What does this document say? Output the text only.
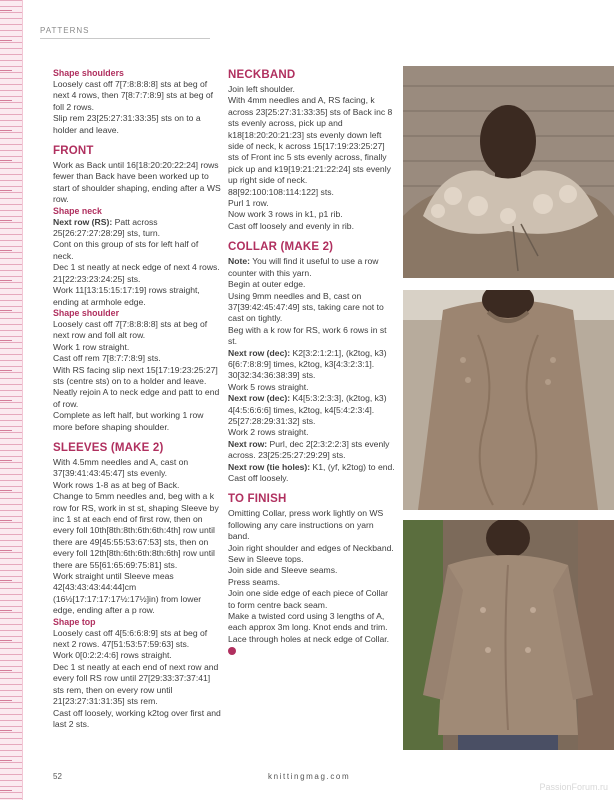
PATTERNS
Shape shoulders

Loosely cast off 7[7:8:8:8:8] sts at beg of next 4 rows, then 7[8:7:7:8:9] sts at beg of foll 2 rows.

Slip rem 23[25:27:31:33:35] sts on to a holder and leave.

FRONT

Work as Back until 16[18:20:20:22:24] rows fewer than Back have been worked up to start of shoulder shaping, ending after a WS row.

Shape neck

Next row (RS): Patt across 25[26:27:27:28:29] sts, turn.

Cont on this group of sts for left half of neck.

Dec 1 st neatly at neck edge of next 4 rows. 21[22:23:23:24:25] sts.

Work 11[13:15:15:17:19] rows straight, ending at armhole edge.

Shape shoulder

Loosely cast off 7[7:8:8:8:8] sts at beg of next row and foll alt row.

Work 1 row straight.

Cast off rem 7[8:7:7:8:9] sts.

With RS facing slip next 15[17:19:23:25:27] sts (centre sts) on to a holder and leave.

Neatly rejoin A to neck edge and patt to end of row.

Complete as left half, but working 1 row more before shaping shoulder.

SLEEVES (MAKE 2)

With 4.5mm needles and A, cast on 37[39:41:43:45:47] sts evenly.

Work rows 1-8 as at beg of Back.

Change to 5mm needles and, beg with a k row for RS, work in st st, shaping Sleeve by inc 1 st at each end of first row, then on every foll 10th[8th:8th:6th:6th:4th] row until there are 49[45:55:53:67:53] sts, then on every foll 12th[8th:6th:6th:8th:6th] row until there are 55[61:65:69:75:81] sts.

Work straight until Sleeve meas 42[43:43:43:44:44]cm (16½[17:17:17:17½:17½]in) from lower edge, ending after a p row.

Shape top

Loosely cast off 4[5:6:6:8:9] sts at beg of next 2 rows. 47[51:53:57:59:63] sts.

Work 0[0:2:2:4:6] rows straight.

Dec 1 st neatly at each end of next row and every foll RS row until 27[29:33:37:37:41] sts rem, then on every row until 21[23:27:31:31:35] sts rem.

Cast off loosely, working k2tog over first and last 2 sts.

NECKBAND

Join left shoulder.

With 4mm needles and A, RS facing, k across 23[25:27:31:33:35] sts of Back inc 8 sts evenly across, pick up and k18[18:20:20:21:23] sts evenly down left side of neck, k across 15[17:19:23:25:27] sts of Front inc 5 sts evenly across, finally pick up and k19[19:21:21:22:24] sts evenly up right side of neck. 88[92:100:108:114:122] sts.

Purl 1 row.

Now work 3 rows in k1, p1 rib.

Cast off loosely and evenly in rib.

COLLAR (MAKE 2)

Note: You will find it useful to use a row counter with this yarn.

Begin at outer edge.

Using 9mm needles and B, cast on 37[39:42:45:47:49] sts, taking care not to cast on tightly.

Beg with a k row for RS, work 6 rows in st st.

Next row (dec): K2[3:2:1:2:1], (k2tog, k3) 6[6:7:8:8:9] times, k2tog, k3[4:3:2:3:1]. 30[32:34:36:38:39] sts.

Work 5 rows straight.

Next row (dec): K4[5:3:2:3:3], (k2tog, k3) 4[4:5:6:6:6] times, k2tog, k4[5:4:2:3:4]. 25[27:28:29:31:32] sts.

Work 2 rows straight.

Next row: Purl, dec 2[2:3:2:2:3] sts evenly across. 23[25:25:27:29:29] sts.

Next row (tie holes): K1, (yf, k2tog) to end.

Cast off loosely.

TO FINISH

Omitting Collar, press work lightly on WS following any care instructions on yarn band.

Join right shoulder and edges of Neckband. Sew in Sleeve tops.

Join side and Sleeve seams.

Press seams.

Join one side edge of each piece of Collar to form centre back seam.

Make a twisted cord using 3 lengths of A, each approx 3m long. Knot ends and trim.

Lace through holes at neck edge of Collar.

52	knittingmag.com
PassionForum.ru
